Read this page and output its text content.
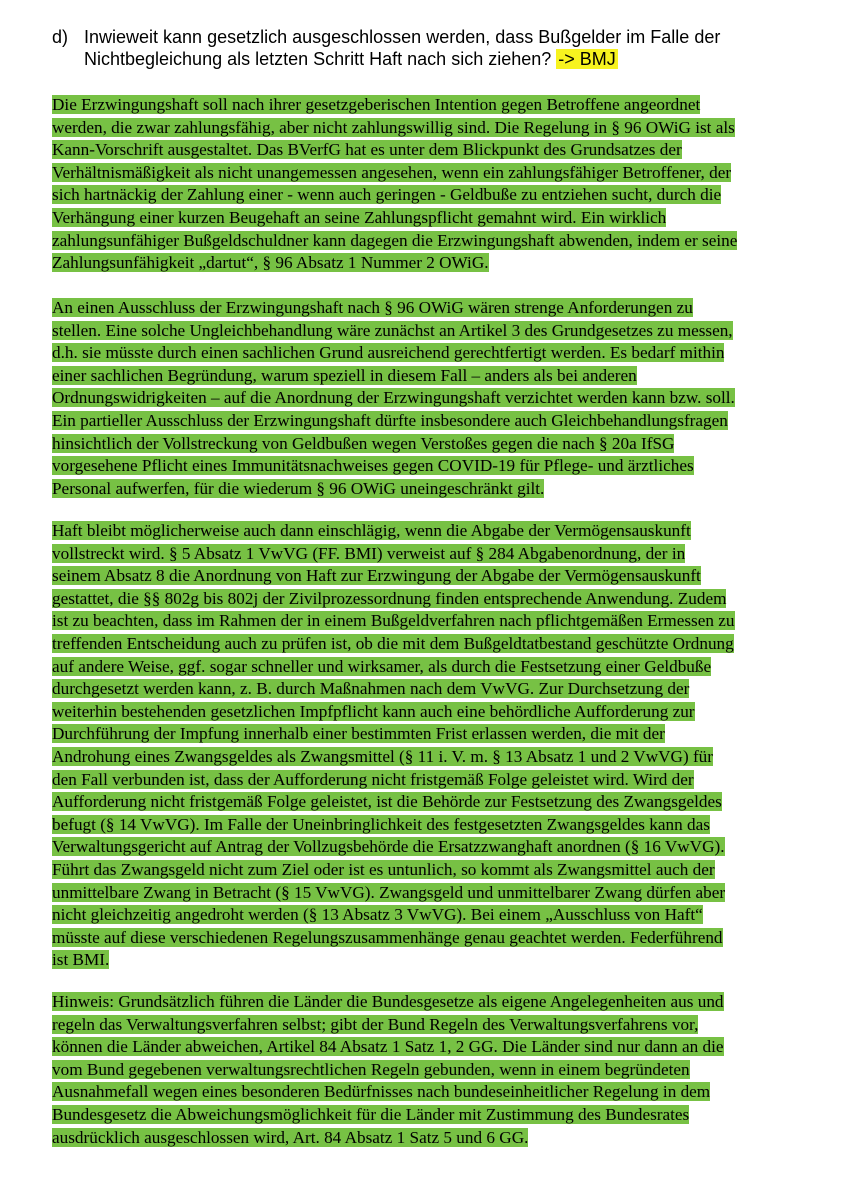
d) Inwieweit kann gesetzlich ausgeschlossen werden, dass Bußgelder im Falle der
Nichtbegleichung als letzten Schritt Haft nach sich ziehen? -> BMJ

Die Erzwingungshaft soll nach ihrer gesetzgeberischen Intention gegen Betroffene angeordnet
werden, die zwar zahlungsfähig, aber nicht zahlungswillig sind. Die Regelung in § 96 OWiG ist als
Kann-Vorschrift ausgestaltet. Das BVerfG hat es unter dem Blickpunkt des Grundsatzes der
Verhältnismäßigkeit als nicht unangemessen angesehen, wenn ein zahlungsfähiger Betroffener, der
sich hartnäckig der Zahlung einer - wenn auch geringen - Geldbuße zu entziehen sucht, durch die
Verhängung einer kurzen Beugehaft an seine Zahlungspflicht gemahnt wird. Ein wirklich
zahlungsunfähiger Bußgeldschuldner kann dagegen die Erzwingungshaft abwenden, indem er seine
Zahlungsunfähigkeit „dartut“, § 96 Absatz 1 Nummer 2 OWiG.

An einen Ausschluss der Erzwingungshaft nach § 96 OWiG wären strenge Anforderungen zu
stellen. Eine solche Ungleichbehandlung wäre zunächst an Artikel 3 des Grundgesetzes zu messen,
d.h. sie müsste durch einen sachlichen Grund ausreichend gerechtfertigt werden. Es bedarf mithin
einer sachlichen Begründung, warum speziell in diesem Fall – anders als bei anderen
Ordnungswidrigkeiten – auf die Anordnung der Erzwingungshaft verzichtet werden kann bzw. soll.
Ein partieller Ausschluss der Erzwingungshaft dürfte insbesondere auch Gleichbehandlungsfragen
hinsichtlich der Vollstreckung von Geldbußen wegen Verstoßes gegen die nach § 20a IfSG
vorgesehene Pflicht eines Immunitätsnachweises gegen COVID-19 für Pflege- und ärztliches
Personal aufwerfen, für die wiederum § 96 OWiG uneingeschränkt gilt.

Haft bleibt möglicherweise auch dann einschlägig, wenn die Abgabe der Vermögensauskunft
vollstreckt wird. § 5 Absatz 1 VwVG (FF. BMI) verweist auf § 284 Abgabenordnung, der in
seinem Absatz 8 die Anordnung von Haft zur Erzwingung der Abgabe der Vermögensauskunft
gestattet, die §§ 802g bis 802j der Zivilprozessordnung finden entsprechende Anwendung. Zudem
ist zu beachten, dass im Rahmen der in einem Bußgeldverfahren nach pflichtgemäßen Ermessen zu
treffenden Entscheidung auch zu prüfen ist, ob die mit dem Bußgeldtatbestand geschützte Ordnung
auf andere Weise, ggf. sogar schneller und wirksamer, als durch die Festsetzung einer Geldbuße
durchgesetzt werden kann, z. B. durch Maßnahmen nach dem VwVG. Zur Durchsetzung der
weiterhin bestehenden gesetzlichen Impfpflicht kann auch eine behördliche Aufforderung zur
Durchführung der Impfung innerhalb einer bestimmten Frist erlassen werden, die mit der
Androhung eines Zwangsgeldes als Zwangsmittel (§ 11 i. V. m. § 13 Absatz 1 und 2 VwVG) für
den Fall verbunden ist, dass der Aufforderung nicht fristgemäß Folge geleistet wird. Wird der
Aufforderung nicht fristgemäß Folge geleistet, ist die Behörde zur Festsetzung des Zwangsgeldes
befugt (§ 14 VwVG). Im Falle der Uneinbringlichkeit des festgesetzten Zwangsgeldes kann das
Verwaltungsgericht auf Antrag der Vollzugsbehörde die Ersatzzwanghaft anordnen (§ 16 VwVG).
Führt das Zwangsgeld nicht zum Ziel oder ist es untunlich, so kommt als Zwangsmittel auch der
unmittelbare Zwang in Betracht (§ 15 VwVG). Zwangsgeld und unmittelbarer Zwang dürfen aber
nicht gleichzeitig angedroht werden (§ 13 Absatz 3 VwVG). Bei einem „Ausschluss von Haft“
müsste auf diese verschiedenen Regelungszusammenhänge genau geachtet werden. Federführend
ist BMI.

Hinweis: Grundsätzlich führen die Länder die Bundesgesetze als eigene Angelegenheiten aus und
regeln das Verwaltungsverfahren selbst; gibt der Bund Regeln des Verwaltungsverfahrens vor,
können die Länder abweichen, Artikel 84 Absatz 1 Satz 1, 2 GG. Die Länder sind nur dann an die
vom Bund gegebenen verwaltungsrechtlichen Regeln gebunden, wenn in einem begründeten
Ausnahmefall wegen eines besonderen Bedürfnisses nach bundeseinheitlicher Regelung in dem
Bundesgesetz die Abweichungsmöglichkeit für die Länder mit Zustimmung des Bundesrates
ausdrücklich ausgeschlossen wird, Art. 84 Absatz 1 Satz 5 und 6 GG.
